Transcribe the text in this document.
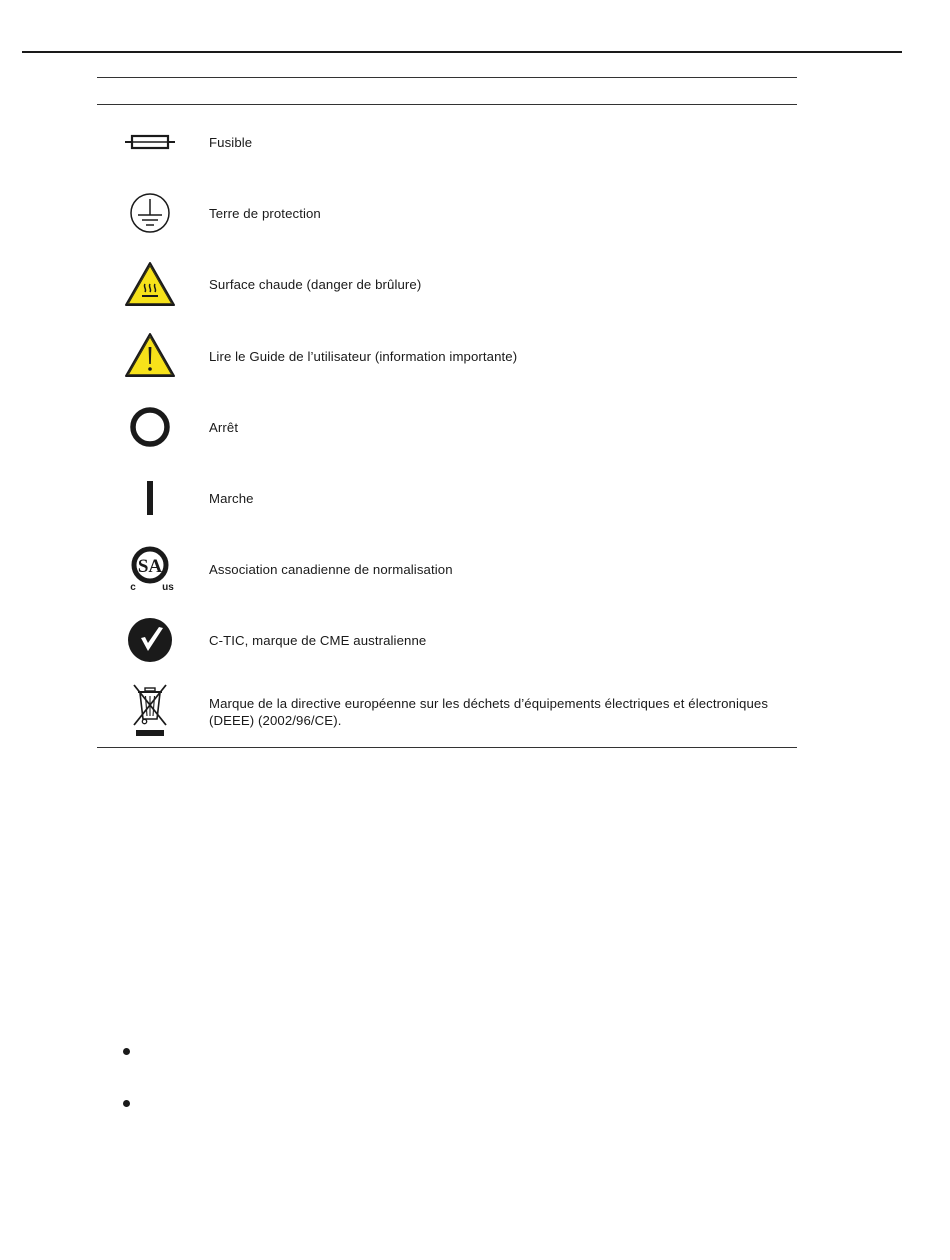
Fusible
Terre de protection
Surface chaude (danger de brûlure)
Lire le Guide de l’utilisateur (information importante)
Arrêt
Marche
SA
c	us
Association canadienne de normalisation
C-TIC, marque de CME australienne
Marque de la directive européenne sur les déchets d’équipements électriques et électroniques (DEEE) (2002/96/CE).
